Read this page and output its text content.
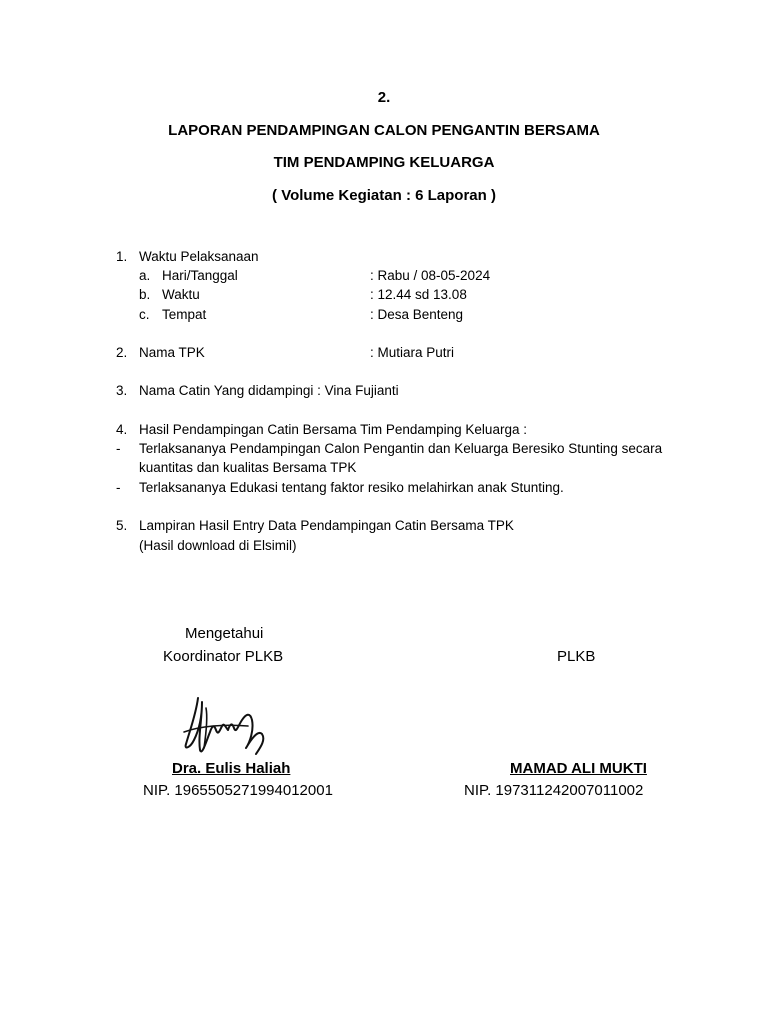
2.
LAPORAN PENDAMPINGAN CALON PENGANTIN BERSAMA
TIM PENDAMPING KELUARGA
( Volume Kegiatan : 6 Laporan )
1. Waktu Pelaksanaan
a. Hari/Tanggal	: Rabu / 08-05-2024
b. Waktu	: 12.44 sd 13.08
c. Tempat	: Desa Benteng
2. Nama TPK	: Mutiara Putri
3. Nama Catin Yang didampingi : Vina Fujianti
4. Hasil Pendampingan Catin Bersama Tim Pendamping Keluarga :
- Terlaksananya Pendampingan Calon Pengantin dan Keluarga Beresiko Stunting secara
kuantitas dan kualitas Bersama TPK
- Terlaksananya Edukasi tentang faktor resiko melahirkan anak Stunting.
5. Lampiran Hasil Entry Data Pendampingan Catin Bersama TPK
(Hasil download di Elsimil)
Mengetahui
Koordinator PLKB	PLKB
Dra. Eulis Haliah	MAMAD ALI MUKTI
NIP. 196550527199401200​1	NIP. 197311242007011002
